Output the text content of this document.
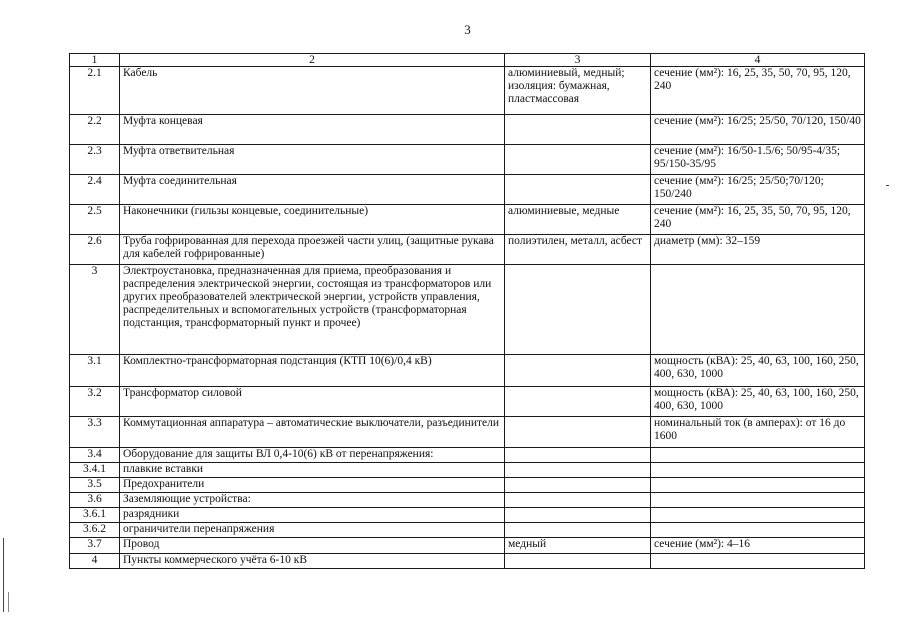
3
1	2	3	4
2.1	Кабель	алюминиевый, медный; изоляция: бумажная, пластмассовая	сечение (мм²): 16, 25, 35, 50, 70, 95, 120, 240
2.2	Муфта концевая		сечение (мм²): 16/25; 25/50, 70/120, 150/40
2.3	Муфта ответвительная		сечение (мм²): 16/50-1.5/6; 50/95-4/35; 95/150-35/95
2.4	Муфта соединительная		сечение (мм²): 16/25; 25/50;70/120; 150/240
2.5	Наконечники (гильзы концевые, соединительные)	алюминиевые, медные	сечение (мм²): 16, 25, 35, 50, 70, 95, 120, 240
2.6	Труба гофрированная для перехода проезжей части улиц, (защитные рукава для кабелей гофрированные)	полиэтилен, металл, асбест	диаметр (мм): 32–159
3	Электроустановка, предназначенная для приема, преобразования и распределения электрической энергии, состоящая из трансформаторов или других преобразователей электрической энергии, устройств управления, распределительных и вспомогательных устройств (трансформаторная подстанция, трансформаторный пункт и прочее)		
3.1	Комплектно-трансформаторная подстанция (КТП 10(6)/0,4 кВ)		мощность (кВА): 25, 40, 63, 100, 160, 250, 400, 630, 1000
3.2	Трансформатор силовой		мощность (кВА): 25, 40, 63, 100, 160, 250, 400, 630, 1000
3.3	Коммутационная аппаратура – автоматические выключатели, разъединители		номинальный ток (в амперах): от 16 до 1600
3.4	Оборудование для защиты ВЛ 0,4-10(6) кВ от перенапряжения:		
3.4.1	плавкие вставки		
3.5	Предохранители		
3.6	Заземляющие устройства:		
3.6.1	разрядники		
3.6.2	ограничители перенапряжения		
3.7	Провод	медный	сечение (мм²): 4–16
4	Пункты коммерческого учёта 6-10 кВ		
